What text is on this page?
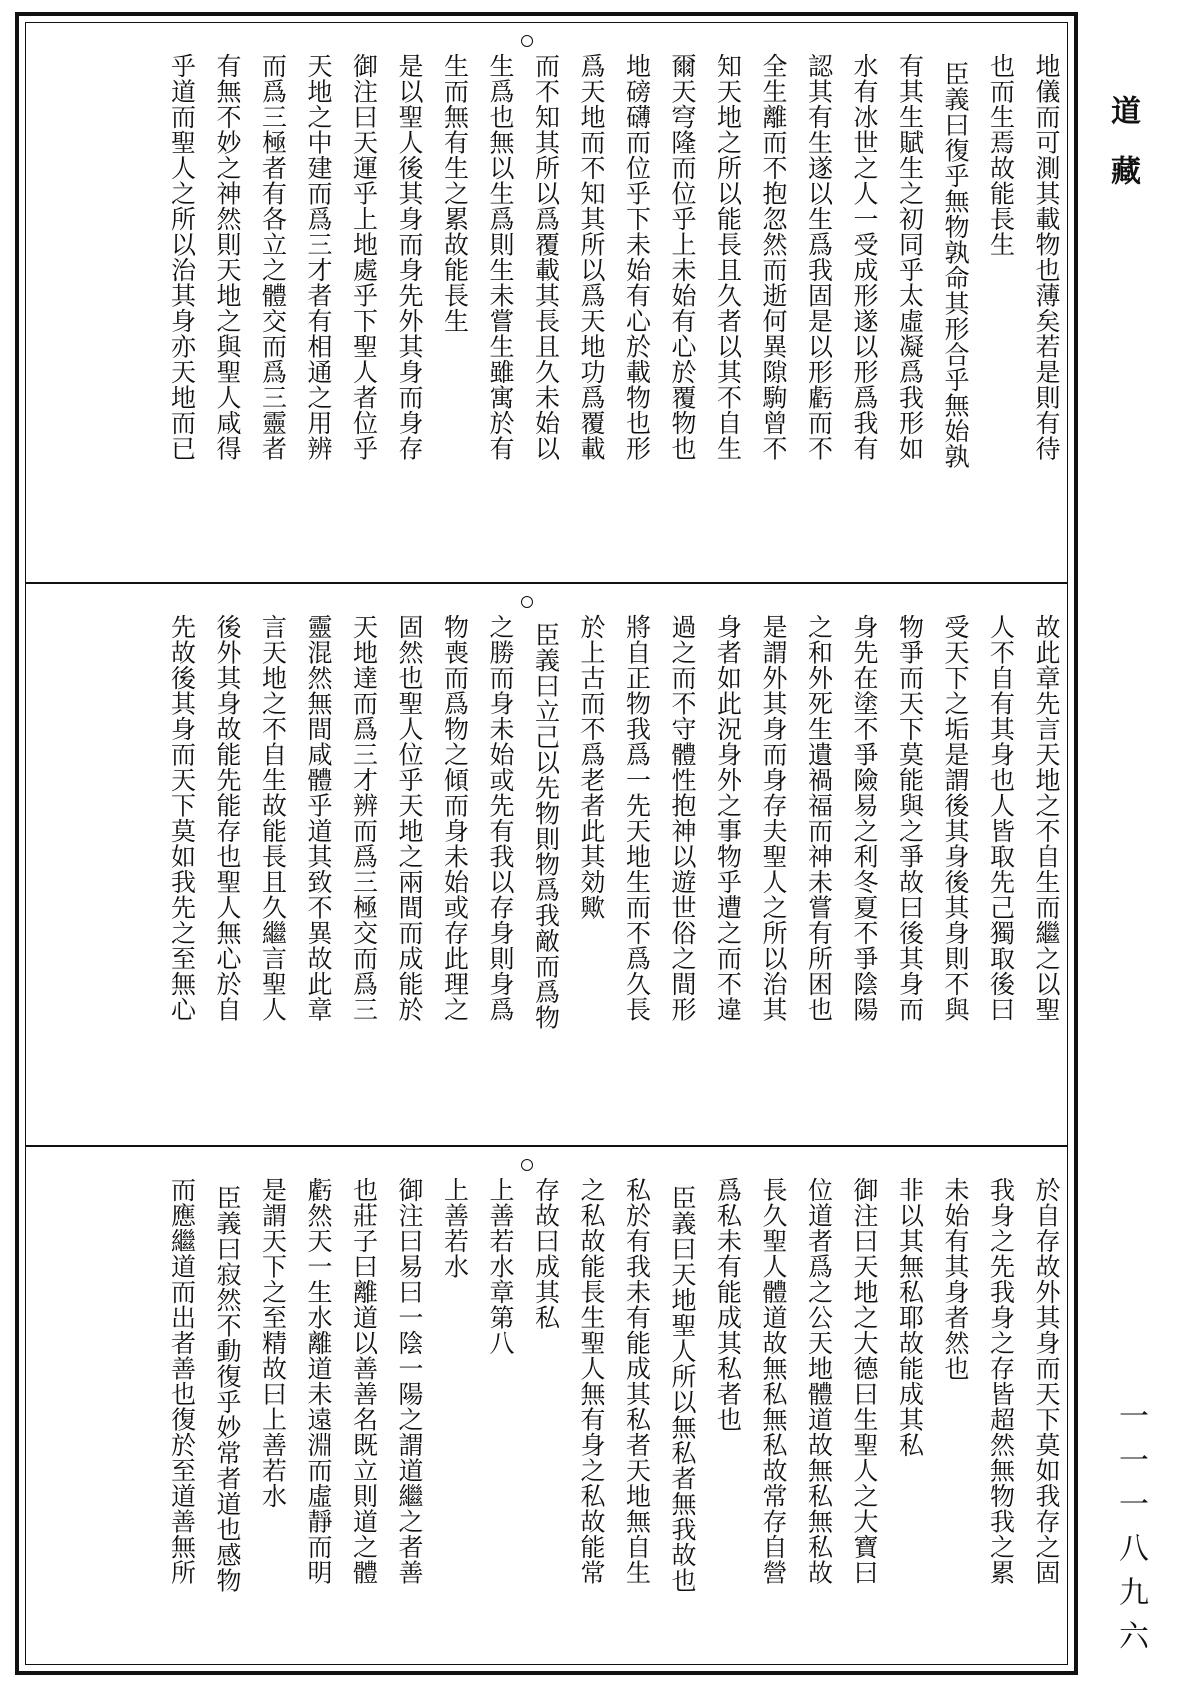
道藏
一一一八九六
地儀而可測其載物也薄矣若是則有待
也而生焉故能長生
臣義曰復乎無物孰命其形合乎無始孰
有其生賦生之初同乎太虛凝爲我形如
水有冰世之人一受成形遂以形爲我有
認其有生遂以生爲我固是以形虧而不
全生離而不抱忽然而逝何異隙駒曾不
知天地之所以能長且久者以其不自生
爾天穹隆而位乎上未始有心於覆物也
地磅礴而位乎下未始有心於載物也形
爲天地而不知其所以爲天地功爲覆載
而不知其所以爲覆載其長且久未始以
生爲也無以生爲則生未嘗生雖寓於有
生而無有生之累故能長生
是以聖人後其身而身先外其身而身存
御注曰天運乎上地處乎下聖人者位乎
天地之中建而爲三才者有相通之用辨
而爲三極者有各立之體交而爲三靈者
有無不妙之神然則天地之與聖人咸得
乎道而聖人之所以治其身亦天地而已
故此章先言天地之不自生而繼之以聖
人不自有其身也人皆取先己獨取後曰
受天下之垢是謂後其身後其身則不與
物爭而天下莫能與之爭故曰後其身而
身先在塗不爭險易之利冬夏不爭陰陽
之和外死生遺禍福而神未嘗有所困也
是謂外其身而身存夫聖人之所以治其
身者如此況身外之事物乎遭之而不違
過之而不守體性抱神以遊世俗之間形
將自正物我爲一先天地生而不爲久長
於上古而不爲老者此其効歟
臣義曰立己以先物則物爲我敵而爲物
之勝而身未始或先有我以存身則身爲
物喪而爲物之傾而身未始或存此理之
固然也聖人位乎天地之兩間而成能於
天地達而爲三才辨而爲三極交而爲三
靈混然無間咸體乎道其致不異故此章
言天地之不自生故能長且久繼言聖人
後外其身故能先能存也聖人無心於自
先故後其身而天下莫如我先之至無心
於自存故外其身而天下莫如我存之固
我身之先我身之存皆超然無物我之累
未始有其身者然也
非以其無私耶故能成其私
御注曰天地之大德曰生聖人之大寶曰
位道者爲之公天地體道故無私無私故
長久聖人體道故無私無私故常存自營
爲私未有能成其私者也
臣義曰天地聖人所以無私者無我故也
私於有我未有能成其私者天地無自生
之私故能長生聖人無有身之私故能常
存故曰成其私
上善若水章第八
上善若水
御注曰易曰一陰一陽之謂道繼之者善
也莊子曰離道以善善名既立則道之體
虧然天一生水離道未遠淵而虛靜而明
是謂天下之至精故曰上善若水
臣義曰寂然不動復乎妙常者道也感物
而應繼道而出者善也復於至道善無所
